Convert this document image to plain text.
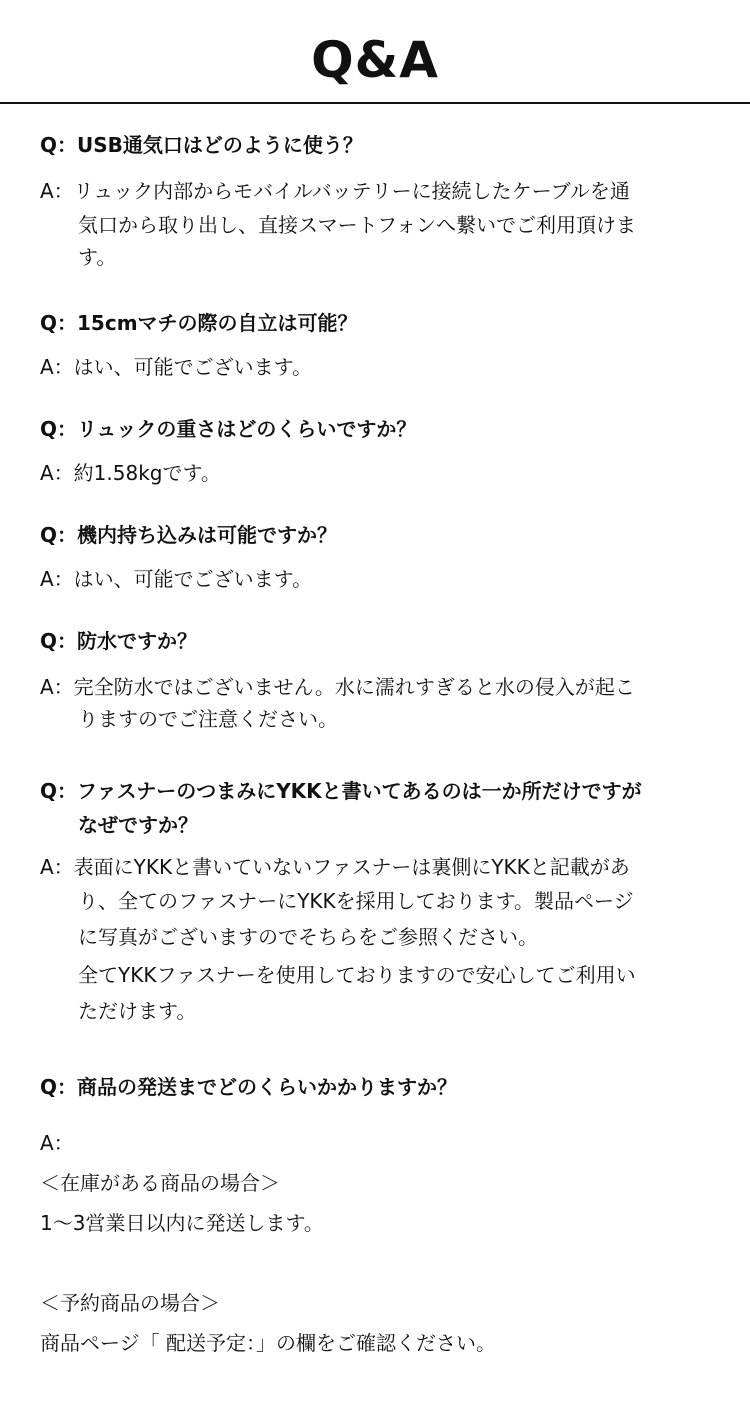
Q&A
Q：USB通気口はどのように使う？
A：リュック内部からモバイルバッテリーに接続したケーブルを通
気口から取り出し、直接スマートフォンへ繋いでご利用頂けま
す。
Q：15cmマチの際の自立は可能？
A：はい、可能でございます。
Q：リュックの重さはどのくらいですか？
A：約1.58kgです。
Q：機内持ち込みは可能ですか？
A：はい、可能でございます。
Q：防水ですか？
A：完全防水ではございません。水に濡れすぎると水の侵入が起こ
りますのでご注意ください。
Q：ファスナーのつまみにYKKと書いてあるのは一か所だけですが
なぜですか？
A：表面にYKKと書いていないファスナーは裏側にYKKと記載があ
り、全てのファスナーにYKKを採用しております。製品ページ
に写真がございますのでそちらをご参照ください。
全てYKKファスナーを使用しておりますので安心してご利用い
ただけます。
Q：商品の発送までどのくらいかかりますか？
A：
＜在庫がある商品の場合＞
1〜3営業日以内に発送します。
＜予約商品の場合＞
商品ページ「 配送予定：」の欄をご確認ください。
